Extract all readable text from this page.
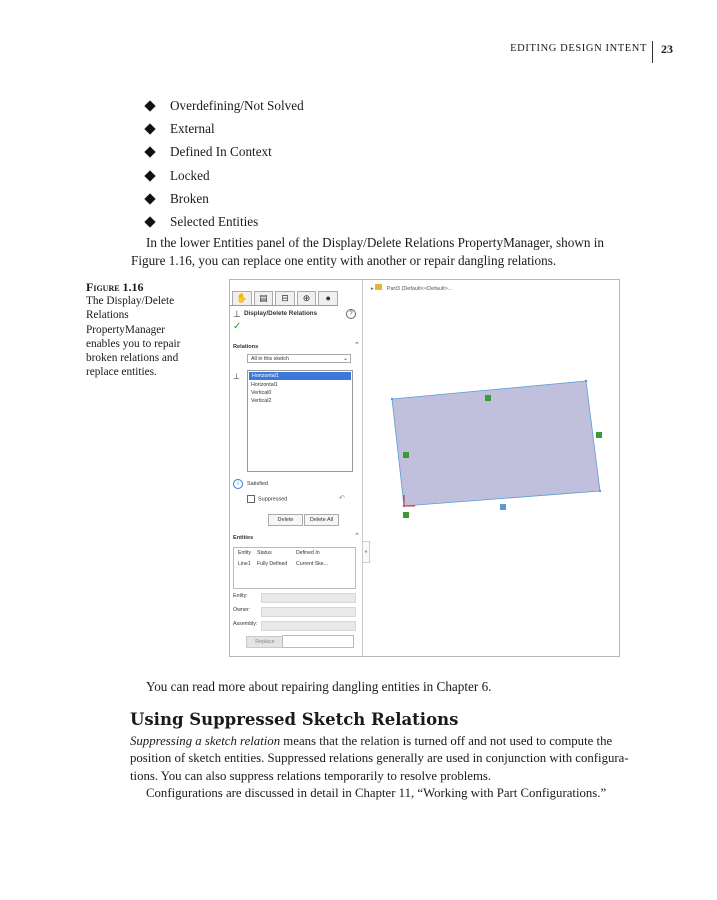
EDITING DESIGN INTENT 23
Overdefining/Not Solved
External
Defined In Context
Locked
Broken
Selected Entities
In the lower Entities panel of the Display/Delete Relations PropertyManager, shown in
Figure 1.16, you can replace one entity with another or repair dangling relations.
Figure 1.16
The Display/Delete Relations PropertyManager enables you to repair broken relations and replace entities.
✋	▤	⊟	⊕	●
⊥ Display/Delete Relations	?
✓
Relations	⌃
All in this sketch	⌄
⊥	Horizontal1
Horizontal1
Vertical0
Vertical2
i Satisfied
Suppressed	↶
Delete	Delete All
Entities	⌃
Entity	Status	Defined In
Line1	Fully Defined	Current Ske...
Entity:
Owner:
Assembly:
Replace
«
▸ Part3 (Default<<Default>...
You can read more about repairing dangling entities in Chapter 6.
Using Suppressed Sketch Relations
Suppressing a sketch relation means that the relation is turned off and not used to compute the
position of sketch entities. Suppressed relations generally are used in conjunction with configura-
tions. You can also suppress relations temporarily to resolve problems.
Configurations are discussed in detail in Chapter 11, “Working with Part Configurations.”
